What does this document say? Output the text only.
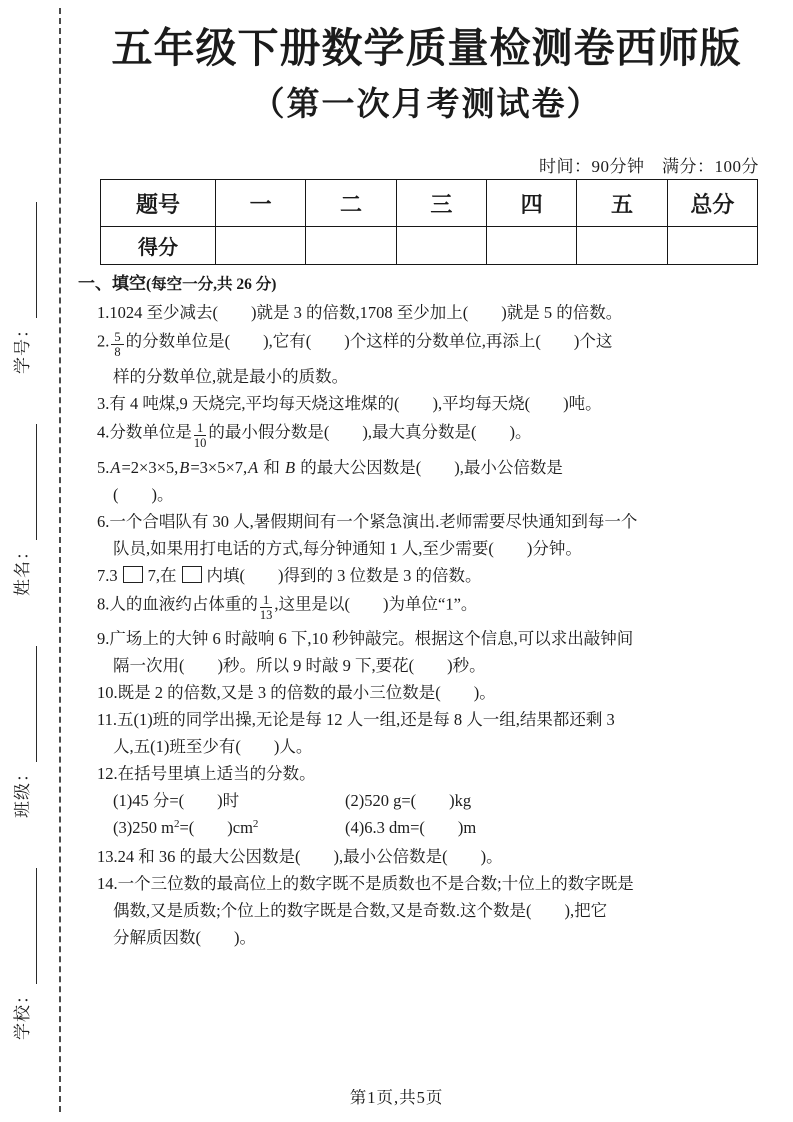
学校：班级：姓名：学号：
五年级下册数学质量检测卷西师版
（第一次月考测试卷）
时间：90分钟　满分：100分
题号	一	二	三	四	五	总分
得分						
一、填空(每空一分,共 26 分)
1.1024 至少减去(　　)就是 3 的倍数,1708 至少加上(　　)就是 5 的倍数。
2. $\frac{5}{8}$ 的分数单位是(　　),它有(　　)个这样的分数单位,再添上(　　)个这
样的分数单位,就是最小的质数。
3.有 4 吨煤,9 天烧完,平均每天烧这堆煤的(　　),平均每天烧(　　)吨。
4.分数单位是 $\frac{1}{10}$ 的最小假分数是(　　),最大真分数是(　　)。
5.A=2×3×5,B=3×5×7,A 和 B 的最大公因数是(　　),最小公倍数是
(　　)。
6.一个合唱队有 30 人,暑假期间有一个紧急演出.老师需要尽快通知到每一个
队员,如果用打电话的方式,每分钟通知 1 人,至少需要(　　)分钟。
7.3 7,在 内填(　　)得到的 3 位数是 3 的倍数。
8.人的血液约占体重的 $\frac{1}{13}$ ,这里是以(　　)为单位“1”。
9.广场上的大钟 6 时敲响 6 下,10 秒钟敲完。根据这个信息,可以求出敲钟间
隔一次用(　　)秒。所以 9 时敲 9 下,要花(　　)秒。
10.既是 2 的倍数,又是 3 的倍数的最小三位数是(　　)。
11.五(1)班的同学出操,无论是每 12 人一组,还是每 8 人一组,结果都还剩 3
人,五(1)班至少有(　　)人。
12.在括号里填上适当的分数。
(1)45 分=(　　)时	(2)520 g=(　　)kg
(3)250 $m^2=$(　　)$cm^2$	(4)6.3 dm=(　　)m
13.24 和 36 的最大公因数是(　　),最小公倍数是(　　)。
14.一个三位数的最高位上的数字既不是质数也不是合数;十位上的数字既是
偶数,又是质数;个位上的数字既是合数,又是奇数.这个数是(　　),把它
分解质因数(　　)。
第1页,共5页
